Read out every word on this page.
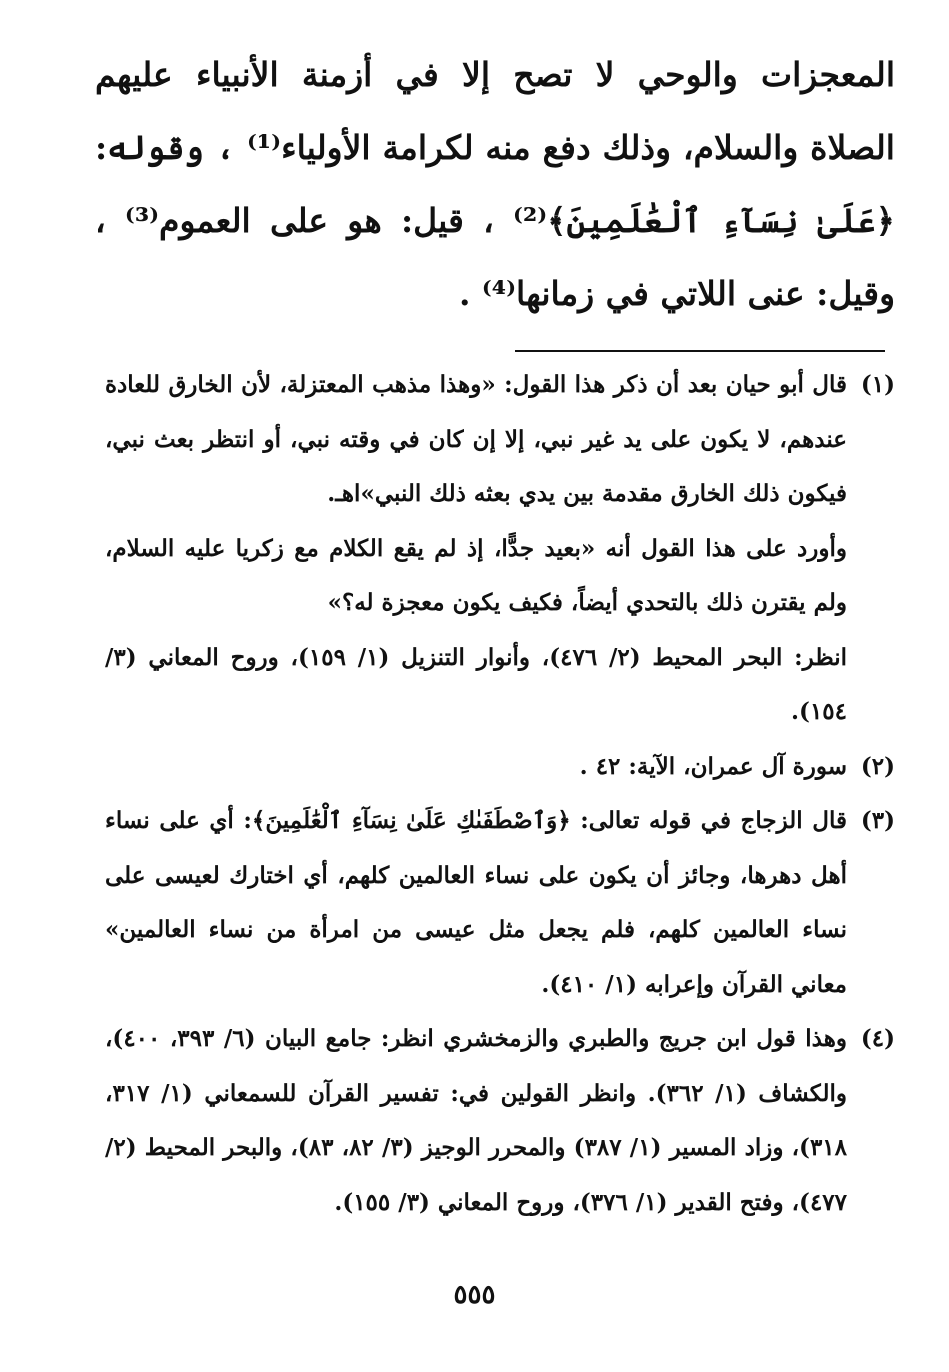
المعجزات والوحي لا تصح إلا في أزمنة الأنبياء عليهم الصلاة والسلام، وذلك دفع منه لكرامة الأولياء⁽¹⁾ ، وقوله: ﴿عَلَىٰ نِسَآءِ ٱلْعَٰلَمِينَ﴾⁽²⁾ ، قيل: هو على العموم⁽³⁾ ، وقيل: عنى اللاتي في زمانها⁽⁴⁾ .

(١)

قال أبو حيان بعد أن ذكر هذا القول: «وهذا مذهب المعتزلة، لأن الخارق للعادة عندهم، لا يكون على يد غير نبي، إلا إن كان في وقته نبي، أو انتظر بعث نبي، فيكون ذلك الخارق مقدمة بين يدي بعثه ذلك النبي»اهـ.

وأورد على هذا القول أنه «بعيد جدًّا، إذ لم يقع الكلام مع زكريا عليه السلام، ولم يقترن ذلك بالتحدي أيضاً، فكيف يكون معجزة له؟»

انظر: البحر المحيط (٢/ ٤٧٦)، وأنوار التنزيل (١/ ١٥٩)، وروح المعاني (٣/ ١٥٤).

(٢)

سورة آل عمران، الآية: ٤٢ .

(٣)

قال الزجاج في قوله تعالى: ﴿وَٱصْطَفَىٰكِ عَلَىٰ نِسَآءِ ٱلْعَٰلَمِينَ﴾: أي على نساء أهل دهرها، وجائز أن يكون على نساء العالمين كلهم، أي اختارك لعيسى على نساء العالمين كلهم، فلم يجعل مثل عيسى من امرأة من نساء العالمين» معاني القرآن وإعرابه (١/ ٤١٠).

(٤)

وهذا قول ابن جريج والطبري والزمخشري انظر: جامع البيان (٦/ ٣٩٣، ٤٠٠)، والكشاف (١/ ٣٦٢). وانظر القولين في: تفسير القرآن للسمعاني (١/ ٣١٧، ٣١٨)، وزاد المسير (١/ ٣٨٧) والمحرر الوجيز (٣/ ٨٢، ٨٣)، والبحر المحيط (٢/ ٤٧٧)، وفتح القدير (١/ ٣٧٦)، وروح المعاني (٣/ ١٥٥).

٥٥٥
